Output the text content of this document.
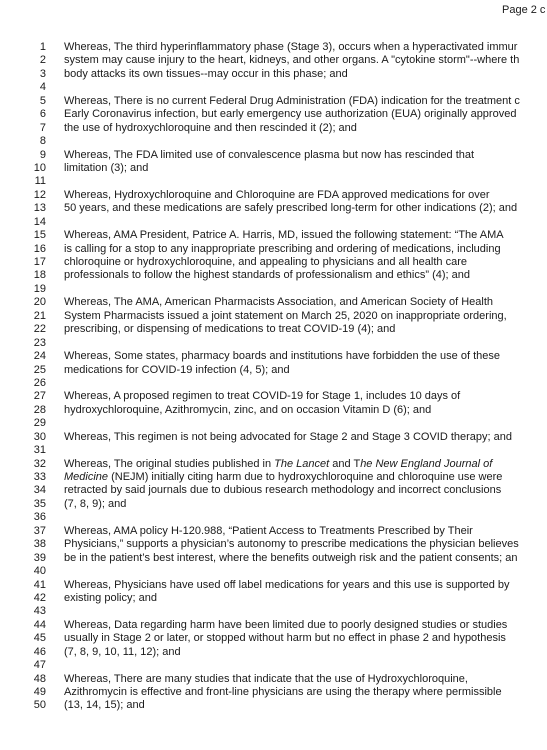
Page 2 c
1 Whereas, The third hyperinflammatory phase (Stage 3), occurs when a hyperactivated immur
2 system may cause injury to the heart, kidneys, and other organs. A "cytokine storm"--where th
3 body attacks its own tissues--may occur in this phase; and
4
5 Whereas, There is no current Federal Drug Administration (FDA) indication for the treatment c
6 Early Coronavirus infection, but early emergency use authorization (EUA) originally approved
7 the use of hydroxychloroquine and then rescinded it (2); and
8
9 Whereas, The FDA limited use of convalescence plasma but now has rescinded that
10 limitation (3); and
11
12 Whereas, Hydroxychloroquine and Chloroquine are FDA approved medications for over
13 50 years, and these medications are safely prescribed long-term for other indications (2); and
14
15 Whereas, AMA President, Patrice A. Harris, MD, issued the following statement: “The AMA
16 is calling for a stop to any inappropriate prescribing and ordering of medications, including
17 chloroquine or hydroxychloroquine, and appealing to physicians and all health care
18 professionals to follow the highest standards of professionalism and ethics” (4); and
19
20 Whereas, The AMA, American Pharmacists Association, and American Society of Health
21 System Pharmacists issued a joint statement on March 25, 2020 on inappropriate ordering,
22 prescribing, or dispensing of medications to treat COVID-19 (4); and
23
24 Whereas, Some states, pharmacy boards and institutions have forbidden the use of these
25 medications for COVID-19 infection (4, 5); and
26
27 Whereas, A proposed regimen to treat COVID-19 for Stage 1, includes 10 days of
28 hydroxychloroquine, Azithromycin, zinc, and on occasion Vitamin D (6); and
29
30 Whereas, This regimen is not being advocated for Stage 2 and Stage 3 COVID therapy; and
31
32 Whereas, The original studies published in The Lancet and The New England Journal of
33 Medicine (NEJM) initially citing harm due to hydroxychloroquine and chloroquine use were
34 retracted by said journals due to dubious research methodology and incorrect conclusions
35 (7, 8, 9); and
36
37 Whereas, AMA policy H-120.988, “Patient Access to Treatments Prescribed by Their
38 Physicians,” supports a physician’s autonomy to prescribe medications the physician believes
39 be in the patient’s best interest, where the benefits outweigh risk and the patient consents; an
40
41 Whereas, Physicians have used off label medications for years and this use is supported by
42 existing policy; and
43
44 Whereas, Data regarding harm have been limited due to poorly designed studies or studies
45 usually in Stage 2 or later, or stopped without harm but no effect in phase 2 and hypothesis
46 (7, 8, 9, 10, 11, 12); and
47
48 Whereas, There are many studies that indicate that the use of Hydroxychloroquine,
49 Azithromycin is effective and front-line physicians are using the therapy where permissible
50 (13, 14, 15); and
